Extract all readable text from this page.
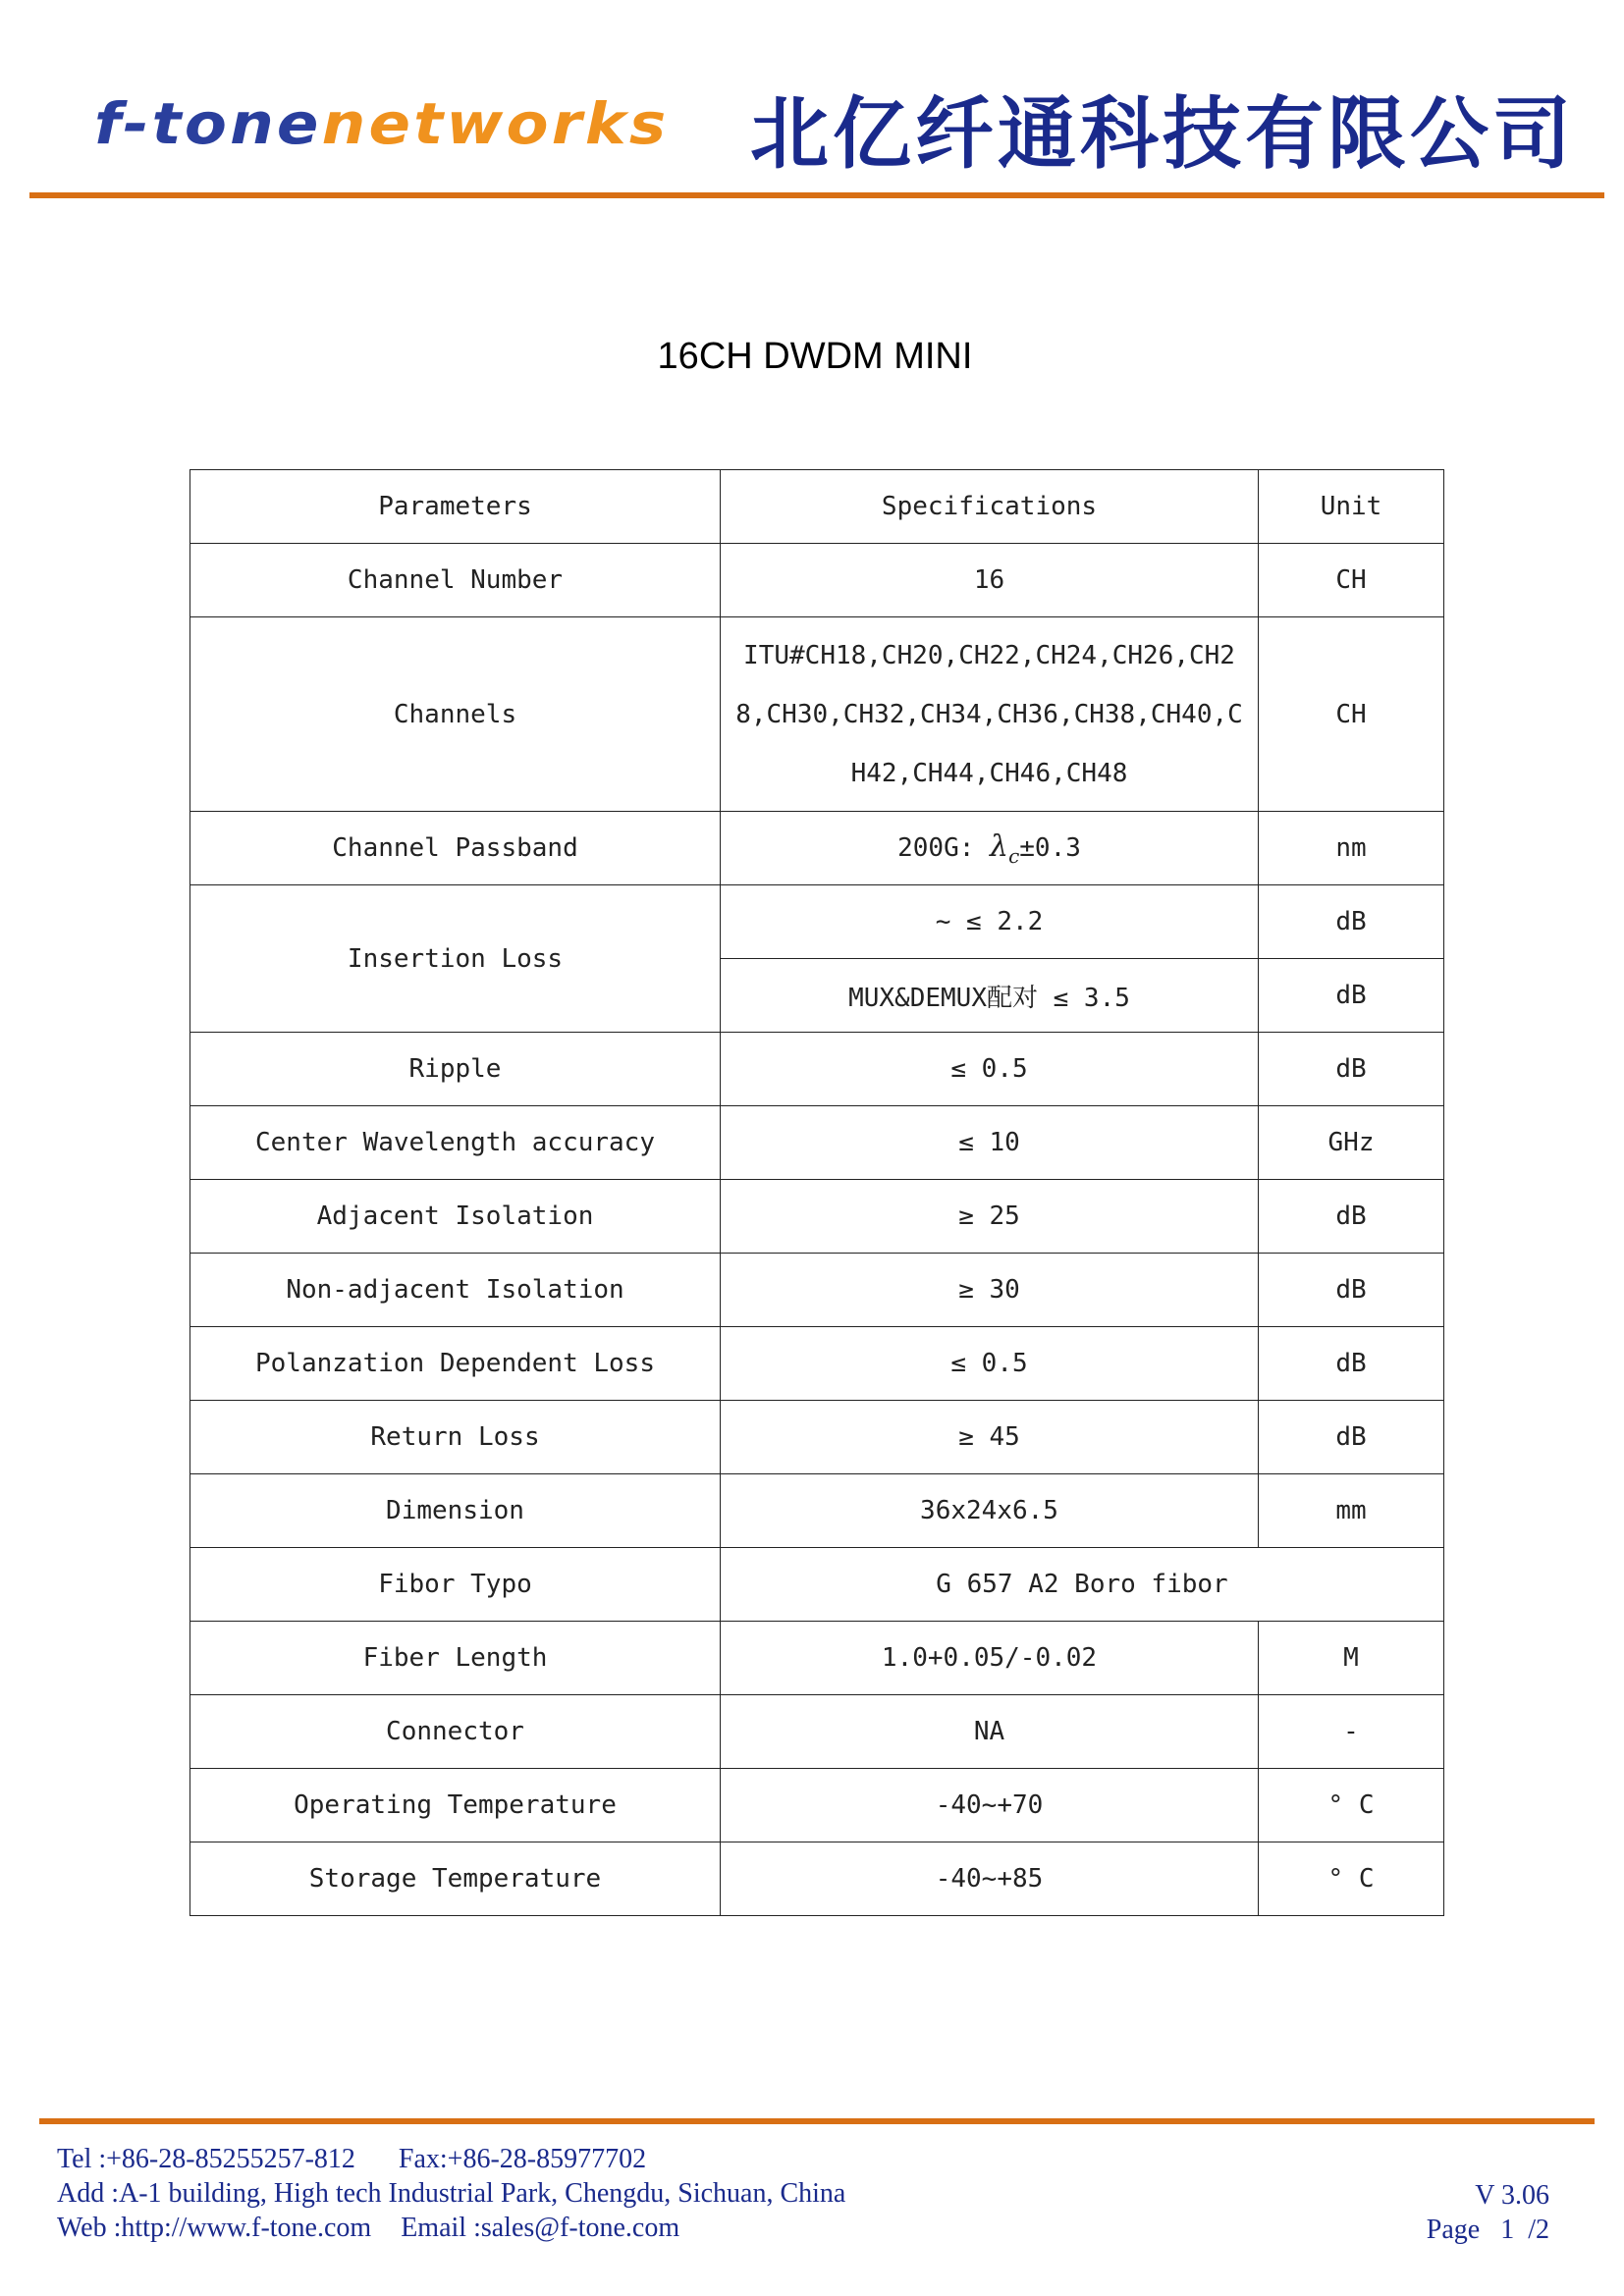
f-tonenetworks 北亿纤通科技有限公司
16CH DWDM MINI
Parameters	Specifications	Unit
Channel Number	16	CH
Channels	ITU#CH18,CH20,CH22,CH24,CH26,CH28,CH30,CH32,CH34,CH36,CH38,CH40,CH42,CH44,CH46,CH48	CH
Channel Passband	200G: $\lambda_c\pm 0.3$	nm
Insertion Loss	~ ≤ 2.2	dB
	MUX&DEMUX配对 ≤ 3.5	dB
Ripple	≤ 0.5	dB
Center Wavelength accuracy	≤ 10	GHz
Adjacent Isolation	≥ 25	dB
Non-adjacent Isolation	≥ 30	dB
Polanzation Dependent Loss	≤ 0.5	dB
Return Loss	≥ 45	dB
Dimension	36x24x6.5	mm
Fibor Typo	G 657 A2 Boro fibor	
Fiber Length	1.0+0.05/-0.02	M
Connector	NA	-
Operating Temperature	-40~+70	° C
Storage Temperature	-40~+85	° C
Tel :+86-28-85255257-812 Fax:+86-28-85977702
Add :A-1 building, High tech Industrial Park, Chengdu, Sichuan, China
Web :http://www.f-tone.com Email :sales@f-tone.com
V 3.06
Page   1  /2
